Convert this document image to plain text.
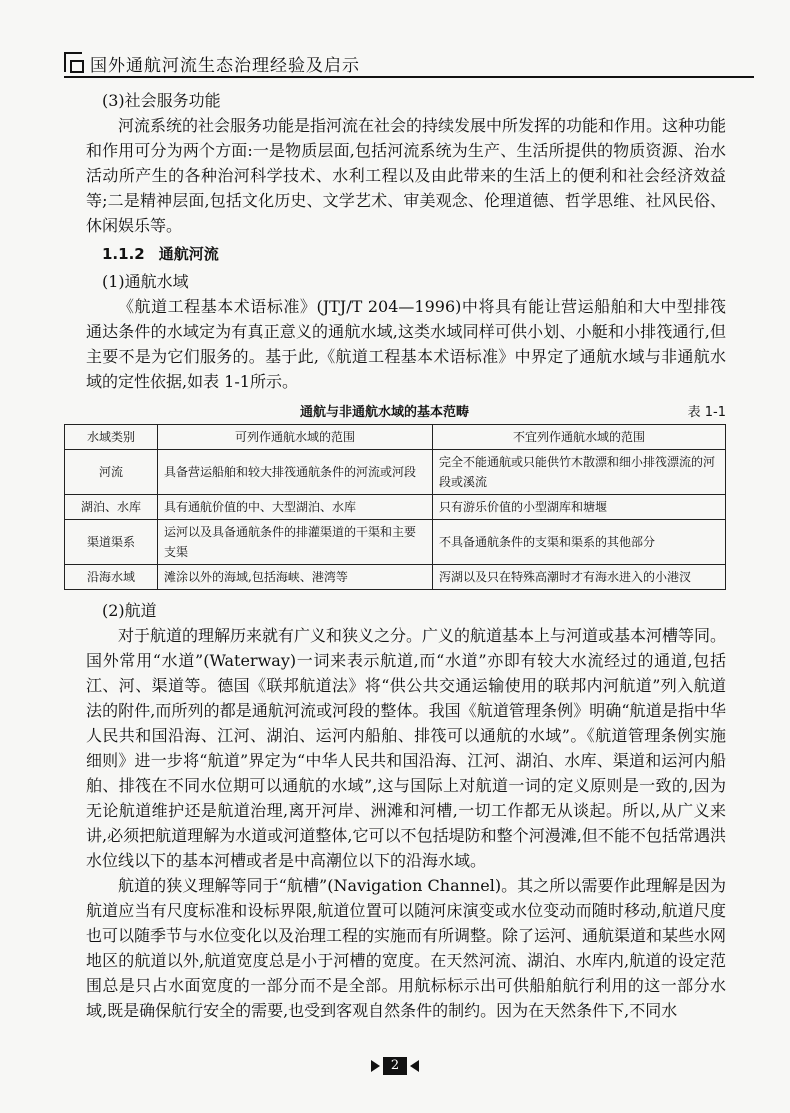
国外通航河流生态治理经验及启示

(3)社会服务功能

河流系统的社会服务功能是指河流在社会的持续发展中所发挥的功能和作用。这种功能和作用可分为两个方面:一是物质层面,包括河流系统为生产、生活所提供的物质资源、治水活动所产生的各种治河科学技术、水利工程以及由此带来的生活上的便利和社会经济效益等;二是精神层面,包括文化历史、文学艺术、审美观念、伦理道德、哲学思维、社风民俗、休闲娱乐等。

1.1.2 通航河流

(1)通航水域

《航道工程基本术语标准》(JTJ/T 204—1996)中将具有能让营运船舶和大中型排筏通达条件的水域定为有真正意义的通航水域,这类水域同样可供小划、小艇和小排筏通行,但主要不是为它们服务的。基于此,《航道工程基本术语标准》中界定了通航水域与非通航水域的定性依据,如表 1-1所示。

通航与非通航水域的基本范畴	表 1-1
水域类别	可列作通航水域的范围	不宜列作通航水域的范围
河流	具备营运船舶和较大排筏通航条件的河流或河段	完全不能通航或只能供竹木散漂和细小排筏漂流的河段或溪流
湖泊、水库	具有通航价值的中、大型湖泊、水库	只有游乐价值的小型湖库和塘堰
渠道渠系	运河以及具备通航条件的排灌渠道的干渠和主要支渠	不具备通航条件的支渠和渠系的其他部分
沿海水域	滩涂以外的海域,包括海峡、港湾等	泻湖以及只在特殊高潮时才有海水进入的小港汊

(2)航道

对于航道的理解历来就有广义和狭义之分。广义的航道基本上与河道或基本河槽等同。国外常用“水道”(Waterway)一词来表示航道,而“水道”亦即有较大水流经过的通道,包括江、河、渠道等。德国《联邦航道法》将“供公共交通运输使用的联邦内河航道”列入航道法的附件,而所列的都是通航河流或河段的整体。我国《航道管理条例》明确“航道是指中华人民共和国沿海、江河、湖泊、运河内船舶、排筏可以通航的水域”。《航道管理条例实施细则》进一步将“航道”界定为“中华人民共和国沿海、江河、湖泊、水库、渠道和运河内船舶、排筏在不同水位期可以通航的水域”,这与国际上对航道一词的定义原则是一致的,因为无论航道维护还是航道治理,离开河岸、洲滩和河槽,一切工作都无从谈起。所以,从广义来讲,必须把航道理解为水道或河道整体,它可以不包括堤防和整个河漫滩,但不能不包括常遇洪水位线以下的基本河槽或者是中高潮位以下的沿海水域。

航道的狭义理解等同于“航槽”(Navigation Channel)。其之所以需要作此理解是因为航道应当有尺度标准和设标界限,航道位置可以随河床演变或水位变动而随时移动,航道尺度也可以随季节与水位变化以及治理工程的实施而有所调整。除了运河、通航渠道和某些水网地区的航道以外,航道宽度总是小于河槽的宽度。在天然河流、湖泊、水库内,航道的设定范围总是只占水面宽度的一部分而不是全部。用航标标示出可供船舶航行利用的这一部分水域,既是确保航行安全的需要,也受到客观自然条件的制约。因为在天然条件下,不同水

2
